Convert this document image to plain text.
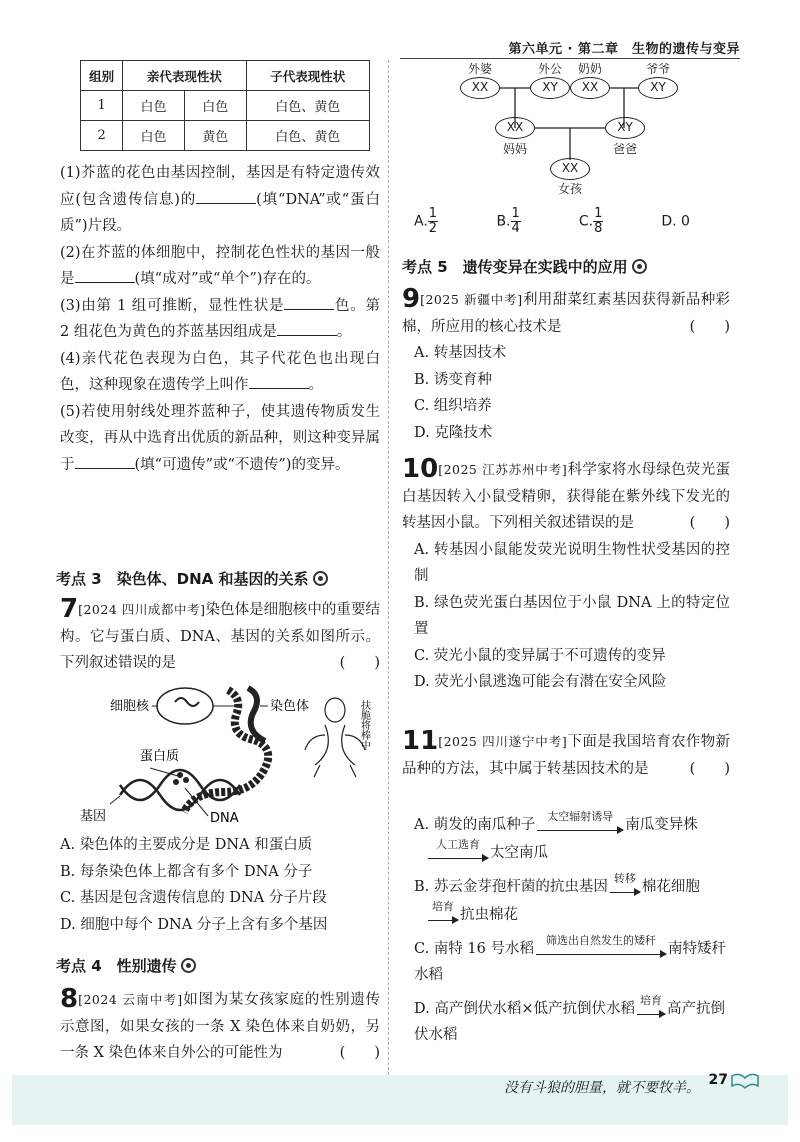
第六单元 · 第二章　生物的遗传与变异
组别	亲代表现性状		子代表现性状
1	白色	白色	白色、黄色
2	白色	黄色	白色、黄色

(1)芥蓝的花色由基因控制，基因是有特定遗传效应(包含遗传信息)的	(填“DNA”或“蛋白质”)片段。

(2)在芥蓝的体细胞中，控制花色性状的基因一般是	(填“成对”或“单个”)存在的。

(3)由第 1 组可推断，显性性状是	色。第 2 组花色为黄色的芥蓝基因组成是	。

(4)亲代花色表现为白色，其子代花色也出现白色，这种现象在遗传学上叫作	。

(5)若使用射线处理芥蓝种子，使其遗传物质发生改变，再从中选育出优质的新品种，则这种变异属于	(填“可遗传”或“不遗传”)的变异。

考点 3　染色体、DNA 和基因的关系
7[2024 四川成都中考]染色体是细胞核中的重要结构。它与蛋白质、DNA、基因的关系如图所示。下列叙述错误的是	(　　)
细胞核	染色体
蛋白质
基因	DNA
扶脆将棒中
A. 染色体的主要成分是 DNA 和蛋白质
B. 每条染色体上都含有多个 DNA 分子
C. 基因是包含遗传信息的 DNA 分子片段
D. 细胞中每个 DNA 分子上含有多个基因
考点 4　性别遗传
8[2024 云南中考]如图为某女孩家庭的性别遗传示意图，如果女孩的一条 X 染色体来自奶奶，另一条 X 染色体来自外公的可能性为	(　　)
外婆
XX
外公
XY
奶奶
XX
爷爷
XY
XX
妈妈
XY
爸爸
XX
女孩
A. $\frac{1}{2}$	B. $\frac{1}{4}$	C. $\frac{1}{8}$	D. 0
考点 5　遗传变异在实践中的应用
9[2025 新疆中考]利用甜菜红素基因获得新品种彩棉，所应用的核心技术是	(　　)
A. 转基因技术
B. 诱变育种
C. 组织培养
D. 克隆技术
10[2025 江苏苏州中考]科学家将水母绿色荧光蛋白基因转入小鼠受精卵，获得能在紫外线下发光的转基因小鼠。下列相关叙述错误的是	(　　)
A. 转基因小鼠能发荧光说明生物性状受基因的控制
B. 绿色荧光蛋白基因位于小鼠 DNA 上的特定位置
C. 荧光小鼠的变异属于不可遗传的变异
D. 荧光小鼠逃逸可能会有潜在安全风险
11[2025 四川遂宁中考]下面是我国培育农作物新品种的方法，其中属于转基因技术的是	(　　)
A. 萌发的南瓜种子
太空辐射诱导
南瓜变异株
人工选育
太空南瓜
B. 苏云金芽孢杆菌的抗虫基因
转移
棉花细胞
培育
抗虫棉花
C. 南特 16 号水稻
筛选出自然发生的矮秆
南特矮秆水稻
D. 高产倒伏水稻×低产抗倒伏水稻
培育
高产抗倒伏水稻
没有斗狼的胆量，就不要牧羊。 27
